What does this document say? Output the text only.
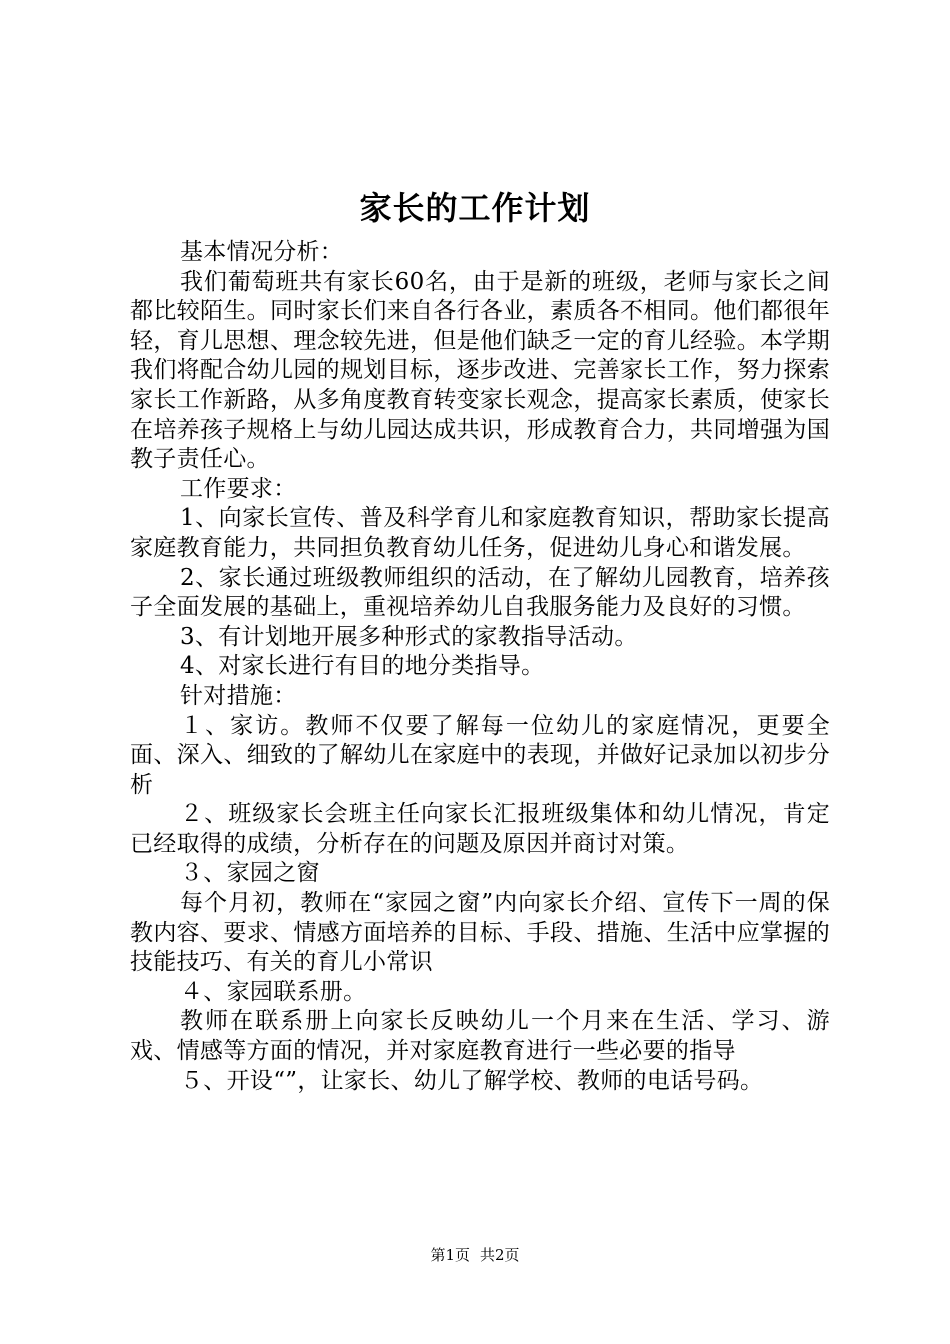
家长的工作计划

基本情况分析：

我们葡萄班共有家长60名，由于是新的班级，老师与家长之间都比较陌生。同时家长们来自各行各业，素质各不相同。他们都很年轻，育儿思想、理念较先进，但是他们缺乏一定的育儿经验。本学期我们将配合幼儿园的规划目标，逐步改进、完善家长工作，努力探索家长工作新路，从多角度教育转变家长观念，提高家长素质，使家长在培养孩子规格上与幼儿园达成共识，形成教育合力，共同增强为国教子责任心。

工作要求：

1、向家长宣传、普及科学育儿和家庭教育知识，帮助家长提高家庭教育能力，共同担负教育幼儿任务，促进幼儿身心和谐发展。

2、家长通过班级教师组织的活动，在了解幼儿园教育，培养孩子全面发展的基础上，重视培养幼儿自我服务能力及良好的习惯。

3、有计划地开展多种形式的家教指导活动。

4、对家长进行有目的地分类指导。

针对措施：

１、家访。教师不仅要了解每一位幼儿的家庭情况，更要全面、深入、细致的了解幼儿在家庭中的表现，并做好记录加以初步分析

２、班级家长会班主任向家长汇报班级集体和幼儿情况，肯定已经取得的成绩，分析存在的问题及原因并商讨对策。

３、家园之窗

每个月初，教师在“家园之窗”内向家长介绍、宣传下一周的保教内容、要求、情感方面培养的目标、手段、措施、生活中应掌握的技能技巧、有关的育儿小常识

４、家园联系册。

教师在联系册上向家长反映幼儿一个月来在生活、学习、游戏、情感等方面的情况，并对家庭教育进行一些必要的指导

５、开设“”，让家长、幼儿了解学校、教师的电话号码。

第1页 共2页
